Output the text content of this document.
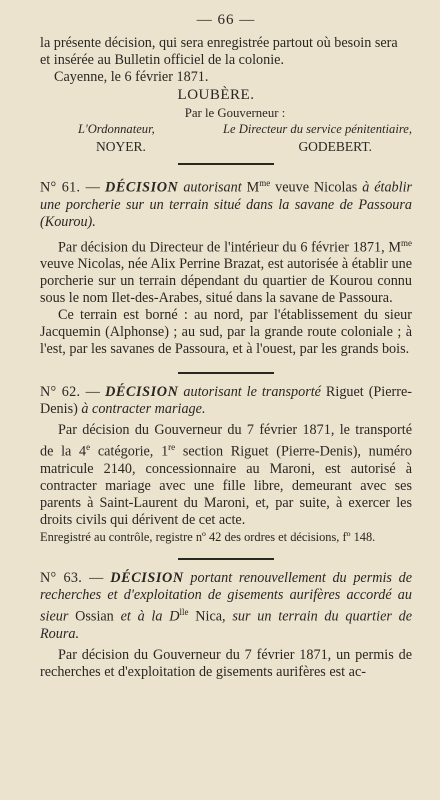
— 66 —

la présente décision, qui sera enregistrée partout où besoin sera

et insérée au Bulletin officiel de la colonie.

Cayenne, le 6 février 1871.

LOUBÈRE.

Par le Gouverneur :

L'Ordonnateur,	Le Directeur du service pénitentiaire,
NOYER.	GODEBERT.
N° 61. — DÉCISION autorisant $M^{me}$ veuve Nicolas à établir une porcherie sur un terrain situé dans la savane de Passoura (Kourou).

Par décision du Directeur de l'intérieur du 6 février 1871, $M^{me}$ veuve Nicolas, née Alix Perrine Brazat, est autorisée à établir une porcherie sur un terrain dépendant du quartier de Kourou connu sous le nom Ilet-des-Arabes, situé dans la savane de Passoura.

Ce terrain est borné : au nord, par l'établissement du sieur Jacquemin (Alphonse) ; au sud, par la grande route coloniale ; à l'est, par les savanes de Passoura, et à l'ouest, par les grands bois.

N° 62. — DÉCISION autorisant le transporté Riguet (Pierre-Denis) à contracter mariage.

Par décision du Gouverneur du 7 février 1871, le transporté de la 4e catégorie, 1re section Riguet (Pierre-Denis), numéro matricule 2140, concessionnaire au Maroni, est autorisé à contracter mariage avec une fille libre, demeurant avec ses parents à Saint-Laurent du Maroni, et, par suite, à exercer les droits civils qui dérivent de cet acte.

Enregistré au contrôle, registre nº 42 des ordres et décisions, fº 148.

N° 63. — DÉCISION portant renouvellement du permis de recherches et d'exploitation de gisements aurifères accordé au sieur Ossian et à la $D^{lle}$ Nica, sur un terrain du quartier de Roura.

Par décision du Gouverneur du 7 février 1871, un permis de recherches et d'exploitation de gisements aurifères est ac-
